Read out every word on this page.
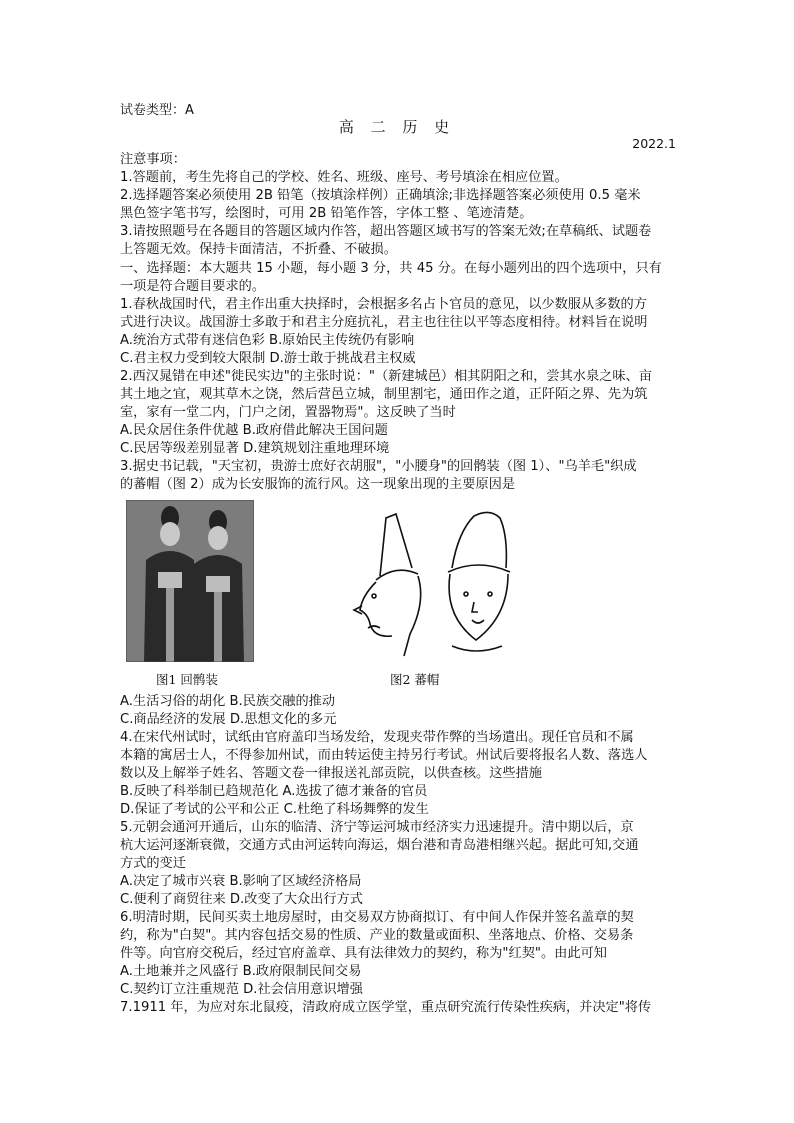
试卷类型：A
高 二 历 史
2022.1
注意事项：
1.答题前，考生先将自己的学校、姓名、班级、座号、考号填涂在相应位置。
2.选择题答案必须使用 2B 铅笔（按填涂样例）正确填涂;非选择题答案必须使用 0.5 毫米
黑色签字笔书写，绘图时，可用 2B 铅笔作答，字体工整 、笔迹清楚。
3.请按照题号在各题目的答题区域内作答，超出答题区域书写的答案无效;在草稿纸、试题卷
上答题无效。保持卡面清洁，不折叠、不破损。
一、选择题：本大题共 15 小题，每小题 3 分，共 45 分。在每小题列出的四个选项中，只有
一项是符合题目要求的。
1.春秋战国时代，君主作出重大抉择时，会根据多名占卜官员的意见，以少数服从多数的方
式进行决议。战国游士多敢于和君主分庭抗礼，君主也往往以平等态度相待。材料旨在说明
A.统治方式带有迷信色彩 B.原始民主传统仍有影响
C.君主权力受到较大限制 D.游士敢于挑战君主权威
2.西汉晁错在申述"徙民实边"的主张时说："（新建城邑）相其阴阳之和，尝其水泉之味、亩
其土地之宜，观其草木之饶，然后营邑立城，制里割宅，通田作之道，正阡陌之界、先为筑
室，家有一堂二内，门户之闭，置器物焉"。这反映了当时
A.民众居住条件优越 B.政府借此解决王国问题
C.民居等级差别显著 D.建筑规划注重地理环境
3.据史书记载，"天宝初，贵游士庶好衣胡服"，"小腰身"的回鹘装（图 1）、"乌羊毛"织成
的蕃帽（图 2）成为长安服饰的流行风。这一现象出现的主要原因是
图1 回鹘装	图2 蕃帽
A.生活习俗的胡化 B.民族交融的推动
C.商品经济的发展 D.思想文化的多元
4.在宋代州试时，试纸由官府盖印当场发给，发现夹带作弊的当场遣出。现任官员和不属
本籍的寓居士人，不得参加州试，而由转运使主持另行考试。州试后要将报名人数、落选人
数以及上解举子姓名、答题文卷一律报送礼部贡院，以供查核。这些措施
B.反映了科举制已趋规范化 A.选拔了德才兼备的官员
D.保证了考试的公平和公正 C.杜绝了科场舞弊的发生
5.元朝会通河开通后，山东的临清、济宁等运河城市经济实力迅速提升。清中期以后，京
杭大运河逐渐衰微，交通方式由河运转向海运，烟台港和青岛港相继兴起。据此可知,交通
方式的变迁
A.决定了城市兴衰 B.影响了区域经济格局
C.便利了商贸往来 D.改变了大众出行方式
6.明清时期，民间买卖土地房屋时，由交易双方协商拟订、有中间人作保并签名盖章的契
约，称为"白契"。其内容包括交易的性质、产业的数量或面积、坐落地点、价格、交易条
件等。向官府交税后，经过官府盖章、具有法律效力的契约，称为"红契"。由此可知
A.土地兼并之风盛行 B.政府限制民间交易
C.契约订立注重规范 D.社会信用意识增强
7.1911 年，为应对东北鼠疫，清政府成立医学堂，重点研究流行传染性疾病，并决定"将传
